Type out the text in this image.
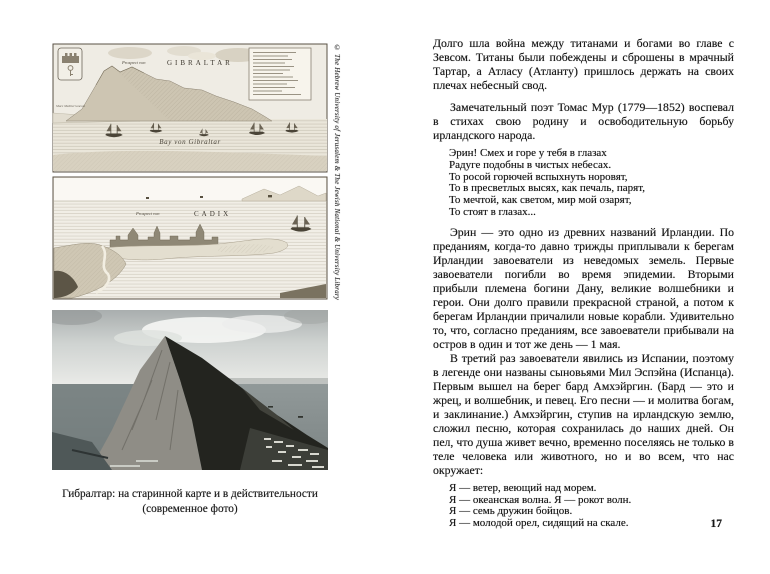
Prospect von	GIBRALTAR
Mare Mediterraneum
Bay von Gibraltar
Prospect von	CADIX	© The Hebrew University of Jerusalem & The Jewish National & University Library
Гибралтар: на старинной карте и в действительности
(современное фото)

Долго шла война между титанами и богами во главе с Зевсом. Титаны были побеждены и сброшены в мрачный Тартар, а Атласу (Атланту) пришлось держать на своих плечах небесный свод.

Замечательный поэт Томас Мур (1779—1852) воспевал в стихах свою родину и освободительную борьбу ирландского народа.

Эрин! Смех и горе у тебя в глазах
Радуге подобны в чистых небесах.
То росой горючей вспыхнуть норовят,
То в пресветлых высях, как печаль, парят,
То мечтой, как светом, мир мой озарят,
То стоят в глазах...

Эрин — это одно из древних названий Ирландии. По преданиям, когда-то давно трижды приплывали к берегам Ирландии завоеватели из неведомых земель. Первые завоеватели погибли во время эпидемии. Вторыми прибыли племена богини Дану, великие волшебники и герои. Они долго правили прекрасной страной, а потом к берегам Ирландии причалили новые корабли. Удивительно то, что, согласно преданиям, все завоеватели прибывали на остров в один и тот же день — 1 мая.

В третий раз завоеватели явились из Испании, поэтому в легенде они названы сыновьями Мил Эспэйна (Испанца). Первым вышел на берег бард Амхэйргин. (Бард — это и жрец, и волшебник, и певец. Его песни — и молитва богам, и заклинание.) Амхэйргин, ступив на ирландскую землю, сложил песню, которая сохранилась до наших дней. Он пел, что душа живет вечно, временно поселяясь не только в теле человека или животного, но и во всем, что нас окружает:

Я — ветер, веющий над морем.
Я — океанская волна. Я — рокот волн.
Я — семь дружин бойцов.
Я — молодой орел, сидящий на скале.	17
